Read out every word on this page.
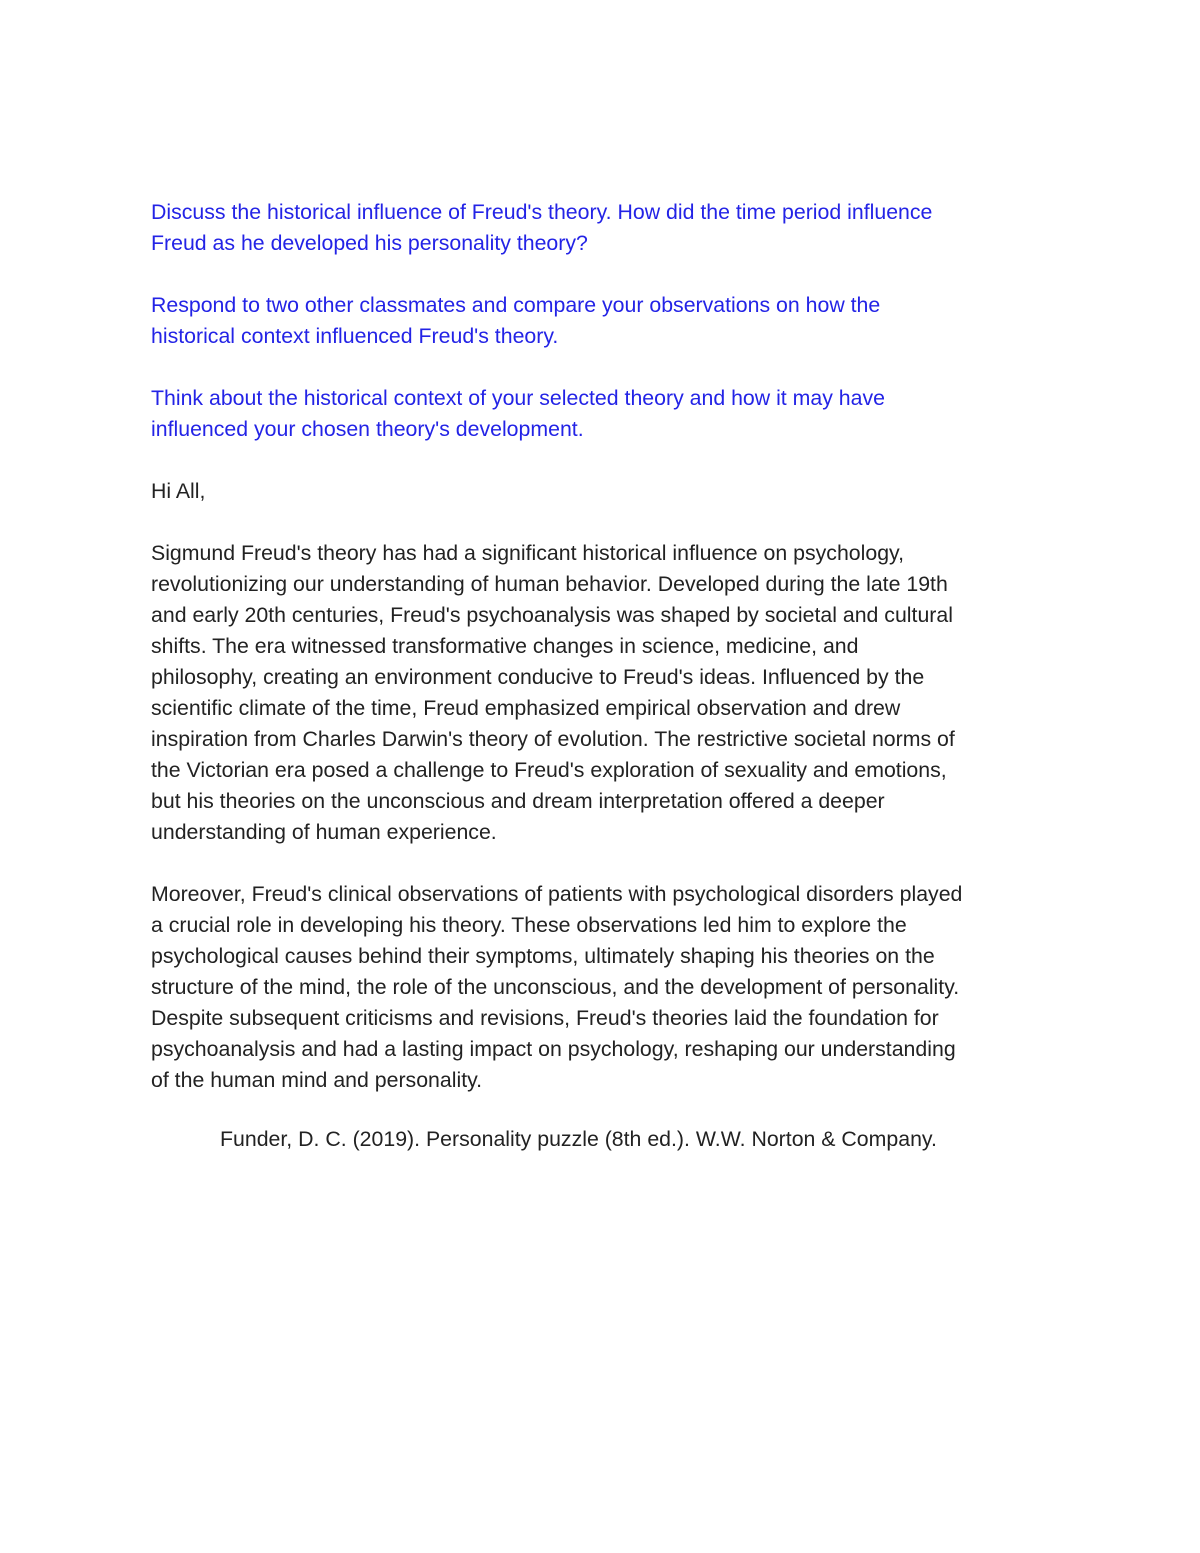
Discuss the historical influence of Freud's theory. How did the time period influence
Freud as he developed his personality theory?
Respond to two other classmates and compare your observations on how the
historical context influenced Freud's theory.
Think about the historical context of your selected theory and how it may have
influenced your chosen theory's development.
Hi All,
Sigmund Freud's theory has had a significant historical influence on psychology,
revolutionizing our understanding of human behavior. Developed during the late 19th
and early 20th centuries, Freud's psychoanalysis was shaped by societal and cultural
shifts. The era witnessed transformative changes in science, medicine, and
philosophy, creating an environment conducive to Freud's ideas. Influenced by the
scientific climate of the time, Freud emphasized empirical observation and drew
inspiration from Charles Darwin's theory of evolution. The restrictive societal norms of
the Victorian era posed a challenge to Freud's exploration of sexuality and emotions,
but his theories on the unconscious and dream interpretation offered a deeper
understanding of human experience.
Moreover, Freud's clinical observations of patients with psychological disorders played
a crucial role in developing his theory. These observations led him to explore the
psychological causes behind their symptoms, ultimately shaping his theories on the
structure of the mind, the role of the unconscious, and the development of personality.
Despite subsequent criticisms and revisions, Freud's theories laid the foundation for
psychoanalysis and had a lasting impact on psychology, reshaping our understanding
of the human mind and personality.
Funder, D. C. (2019). Personality puzzle (8th ed.). W.W. Norton & Company.
